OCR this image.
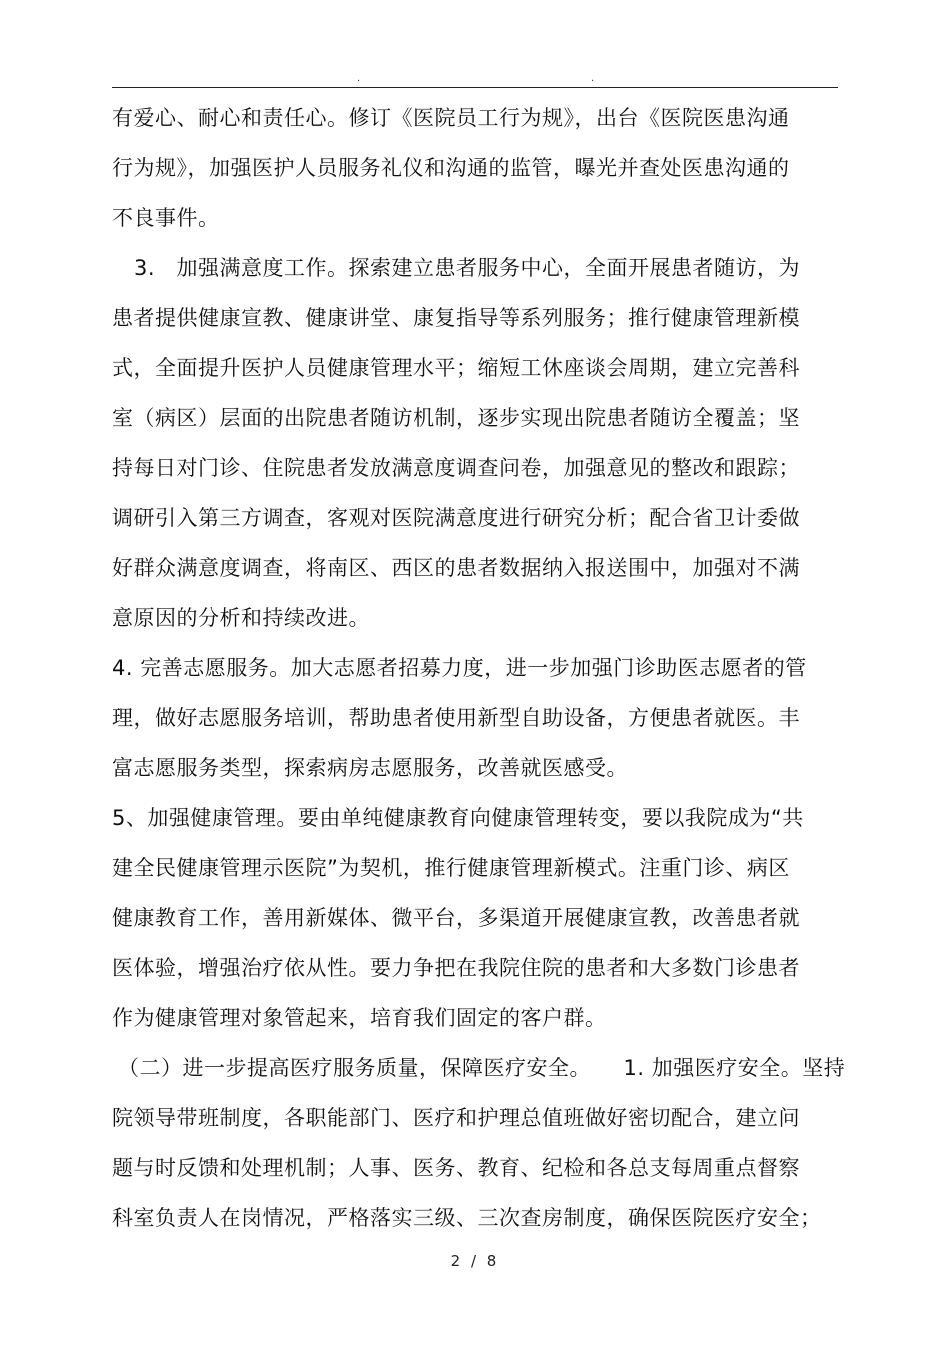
.	.
有爱心、耐心和责任心。修订《医院员工行为规》，出台《医院医患沟通
行为规》，加强医护人员服务礼仪和沟通的监管，曝光并查处医患沟通的
不良事件。
3.　加强满意度工作。探索建立患者服务中心，全面开展患者随访，为
患者提供健康宣教、健康讲堂、康复指导等系列服务；推行健康管理新模
式，全面提升医护人员健康管理水平；缩短工休座谈会周期，建立完善科
室（病区）层面的出院患者随访机制，逐步实现出院患者随访全覆盖；坚
持每日对门诊、住院患者发放满意度调查问卷，加强意见的整改和跟踪；
调研引入第三方调查，客观对医院满意度进行研究分析；配合省卫计委做
好群众满意度调查，将南区、西区的患者数据纳入报送围中，加强对不满
意原因的分析和持续改进。
4. 完善志愿服务。加大志愿者招募力度，进一步加强门诊助医志愿者的管
理，做好志愿服务培训，帮助患者使用新型自助设备，方便患者就医。丰
富志愿服务类型，探索病房志愿服务，改善就医感受。
5、加强健康管理。要由单纯健康教育向健康管理转变，要以我院成为“共
建全民健康管理示医院”为契机，推行健康管理新模式。注重门诊、病区
健康教育工作，善用新媒体、微平台，多渠道开展健康宣教，改善患者就
医体验，增强治疗依从性。要力争把在我院住院的患者和大多数门诊患者
作为健康管理对象管起来，培育我们固定的客户群。
（二）进一步提高医疗服务质量，保障医疗安全。　　1. 加强医疗安全。坚持
院领导带班制度，各职能部门、医疗和护理总值班做好密切配合，建立问
题与时反馈和处理机制；人事、医务、教育、纪检和各总支每周重点督察
科室负责人在岗情况，严格落实三级、三次查房制度，确保医院医疗安全；
2 / 8
